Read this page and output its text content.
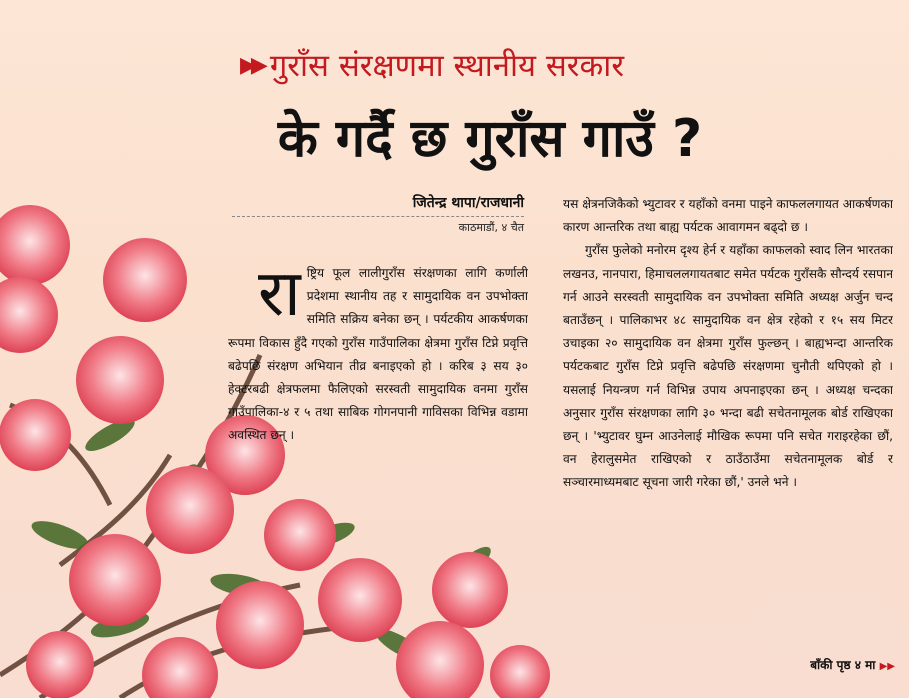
▶▶ गुराँस संरक्षणमा स्थानीय सरकार
के गर्दै छ गुराँस गाउँ ?
जितेन्द्र थापा/राजधानी
काठमाडौं, ४ चैत
रा ष्ट्रिय फूल लालीगुराँस संरक्षणका लागि कर्णाली प्रदेशमा स्थानीय तह र सामुदायिक वन उपभोक्ता समिति सक्रिय बनेका छन् । पर्यटकीय आकर्षणका रूपमा विकास हुँदै गएको गुराँस गाउँपालिका क्षेत्रमा गुराँस टिप्ने प्रवृत्ति बढेपछि संरक्षण अभियान तीव्र बनाइएको हो । करिब ३ सय ३० हेक्टरबढी क्षेत्रफलमा फैलिएको सरस्वती सामुदायिक वनमा गुराँस गाउँपालिका-४ र ५ तथा साबिक गोगनपानी गाविसका विभिन्न वडामा अवस्थित छन् ।

यस क्षेत्रनजिकैको भ्युटावर र यहाँको वनमा पाइने काफललगायत आकर्षणका कारण आन्तरिक तथा बाह्य पर्यटक आवागमन बढ्दो छ ।

गुराँस फुलेको मनोरम दृश्य हेर्न र यहाँका काफलको स्वाद लिन भारतका लखनउ, नानपारा, हिमाचललगायतबाट समेत पर्यटक गुराँसकै सौन्दर्य रसपान गर्न आउने सरस्वती सामुदायिक वन उपभोक्ता समिति अध्यक्ष अर्जुन चन्द बताउँछन् । पालिकाभर ४८ सामुदायिक वन क्षेत्र रहेको र १५ सय मिटर उचाइका २० सामुदायिक वन क्षेत्रमा गुराँस फुल्छन् । बाह्यभन्दा आन्तरिक पर्यटकबाट गुराँस टिप्ने प्रवृत्ति बढेपछि संरक्षणमा चुनौती थपिएको हो । यसलाई नियन्त्रण गर्न विभिन्न उपाय अपनाइएका छन् । अध्यक्ष चन्दका अनुसार गुराँस संरक्षणका लागि ३० भन्दा बढी सचेतनामूलक बोर्ड राखिएका छन् । 'भ्युटावर घुम्न आउनेलाई मौखिक रूपमा पनि सचेत गराइरहेका छौं, वन हेरालुसमेत राखिएको र ठाउँठाउँमा सचेतनामूलक बोर्ड र सञ्चारमाध्यमबाट सूचना जारी गरेका छौं,' उनले भने ।

बाँकी पृष्ठ ४ मा ▶▶
